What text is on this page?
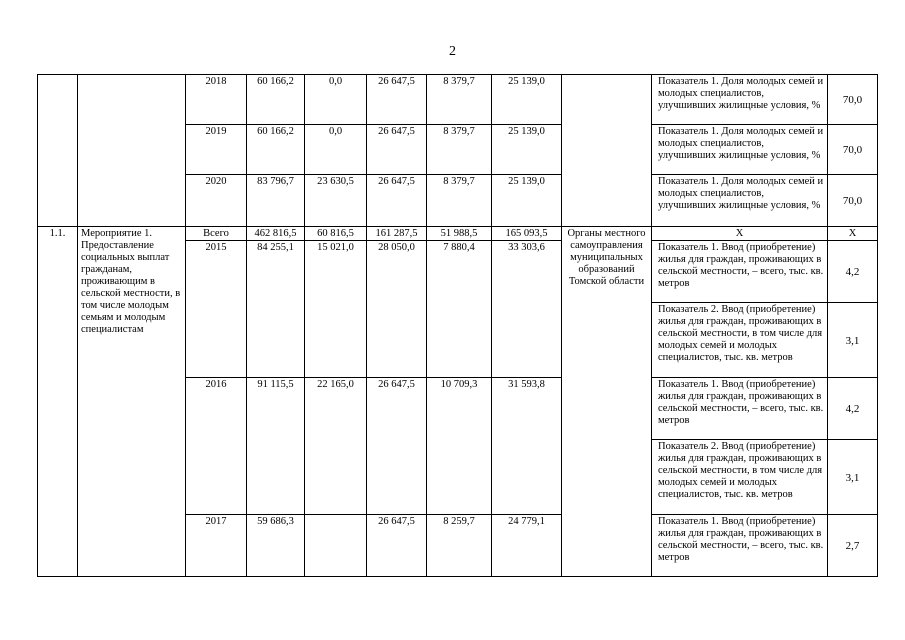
2
		2018	60 166,2	0,0	26 647,5	8 379,7	25 139,0		Показатель 1. Доля молодых семей и молодых специалистов, улучшивших жилищные условия, %	70,0
		2019	60 166,2	0,0	26 647,5	8 379,7	25 139,0		Показатель 1. Доля молодых семей и молодых специалистов, улучшивших жилищные условия, %	70,0
		2020	83 796,7	23 630,5	26 647,5	8 379,7	25 139,0		Показатель 1. Доля молодых семей и молодых специалистов, улучшивших жилищные условия, %	70,0
1.1.	Мероприятие 1. Предоставление социальных выплат гражданам, проживающим в сельской местности, в том числе молодым семьям и молодым специалистам	Всего	462 816,5	60 816,5	161 287,5	51 988,5	165 093,5	Органы местного самоуправления муниципальных образований Томской области	Х	Х
		2015	84 255,1	15 021,0	28 050,0	7 880,4	33 303,6		Показатель 1. Ввод (приобретение) жилья для граждан, проживающих в сельской местности, – всего, тыс. кв. метров	4,2
									Показатель 2. Ввод (приобретение) жилья для граждан, проживающих в сельской местности, в том числе для молодых семей и молодых специалистов, тыс. кв. метров	3,1
		2016	91 115,5	22 165,0	26 647,5	10 709,3	31 593,8		Показатель 1. Ввод (приобретение) жилья для граждан, проживающих в сельской местности, – всего, тыс. кв. метров	4,2
									Показатель 2. Ввод (приобретение) жилья для граждан, проживающих в сельской местности, в том числе для молодых семей и молодых специалистов, тыс. кв. метров	3,1
		2017	59 686,3		26 647,5	8 259,7	24 779,1		Показатель 1. Ввод (приобретение) жилья для граждан, проживающих в сельской местности, – всего, тыс. кв. метров	2,7
